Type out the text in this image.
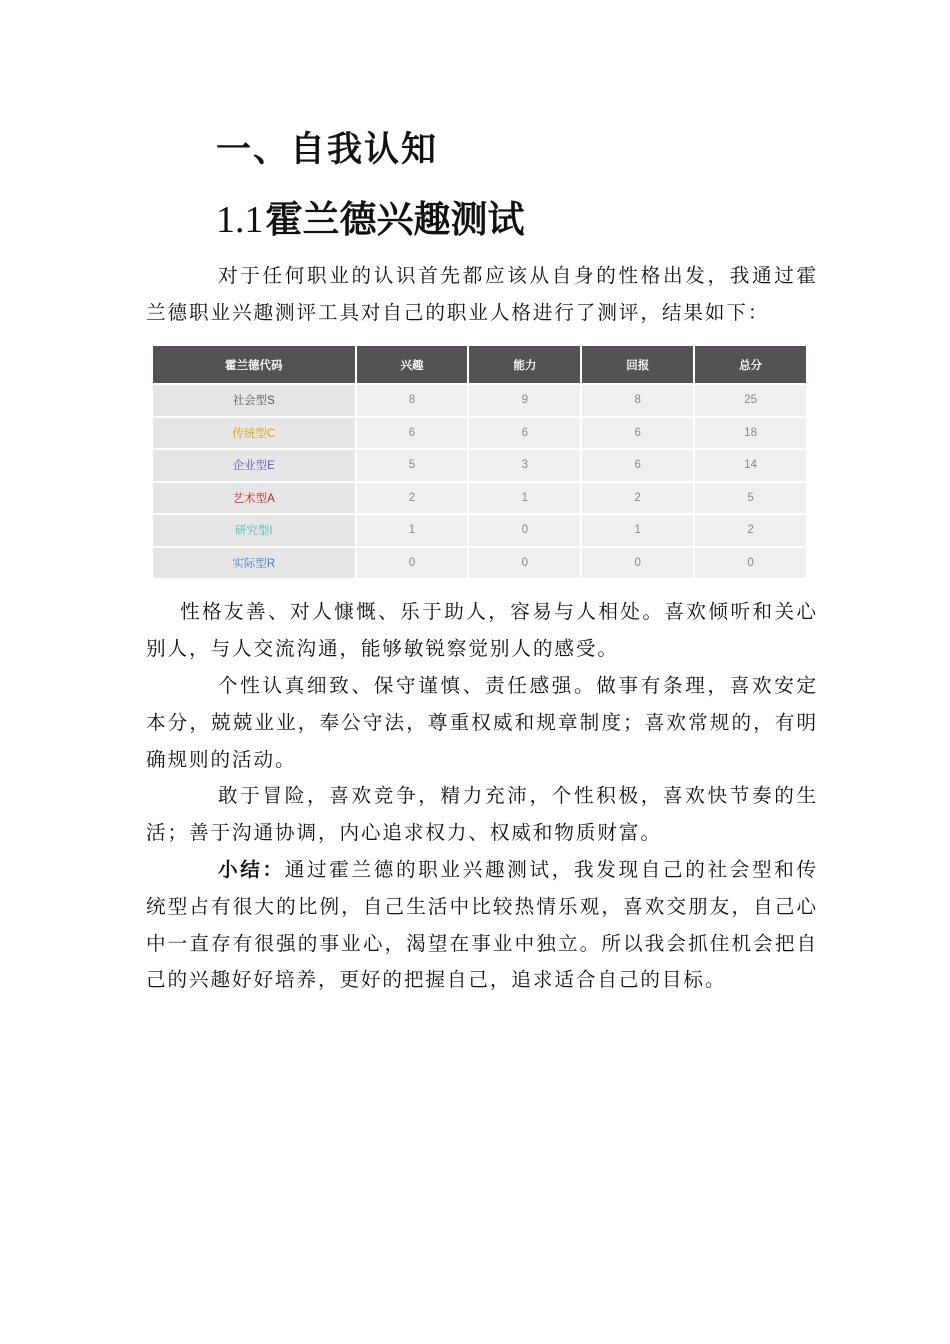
一、自我认知
1.1霍兰德兴趣测试

对于任何职业的认识首先都应该从自身的性格出发，我通过霍兰德职业兴趣测评工具对自己的职业人格进行了测评，结果如下：

霍兰德代码	兴趣	能力	回报	总分
社会型S	8	9	8	25
传统型C	6	6	6	18
企业型E	5	3	6	14
艺术型A	2	1	2	5
研究型I	1	0	1	2
实际型R	0	0	0	0

性格友善、对人慷慨、乐于助人，容易与人相处。喜欢倾听和关心别人，与人交流沟通，能够敏锐察觉别人的感受。

个性认真细致、保守谨慎、责任感强。做事有条理，喜欢安定本分，兢兢业业，奉公守法，尊重权威和规章制度；喜欢常规的，有明确规则的活动。

敢于冒险，喜欢竞争，精力充沛，个性积极，喜欢快节奏的生活；善于沟通协调，内心追求权力、权威和物质财富。

小结：通过霍兰德的职业兴趣测试，我发现自己的社会型和传统型占有很大的比例，自己生活中比较热情乐观，喜欢交朋友，自己心中一直存有很强的事业心，渴望在事业中独立。所以我会抓住机会把自己的兴趣好好培养，更好的把握自己，追求适合自己的目标。
